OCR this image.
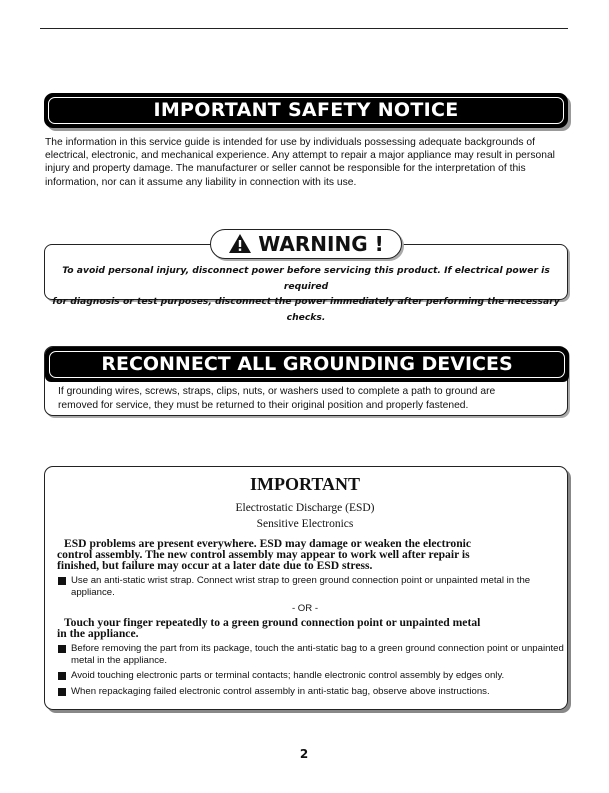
IMPORTANT SAFETY NOTICE
The information in this service guide is intended for use by individuals possessing adequate backgrounds of electrical, electronic, and mechanical experience. Any attempt to repair a major appliance may result in personal injury and property damage. The manufacturer or seller cannot be responsible for the interpretation of this information, nor can it assume any liability in connection with its use.
WARNING !
To avoid personal injury, disconnect power before servicing this product. If electrical power is required
for diagnosis or test purposes, disconnect the power immediately after performing the necessary checks.
RECONNECT ALL GROUNDING DEVICES
If grounding wires, screws, straps, clips, nuts, or washers used to complete a path to ground are
removed for service, they must be returned to their original position and properly fastened.
IMPORTANT
Electrostatic Discharge (ESD)
Sensitive Electronics
ESD problems are present everywhere. ESD may damage or weaken the electronic
control assembly. The new control assembly may appear to work well after repair is
finished, but failure may occur at a later date due to ESD stress.
Use an anti-static wrist strap. Connect wrist strap to green ground connection point or unpainted metal in the appliance.
- OR -
Touch your finger repeatedly to a green ground connection point or unpainted metal
in the appliance.
Before removing the part from its package, touch the anti-static bag to a green ground connection point or unpainted metal in the appliance.
Avoid touching electronic parts or terminal contacts; handle electronic control assembly by edges only.
When repackaging failed electronic control assembly in anti-static bag, observe above instructions.
2
